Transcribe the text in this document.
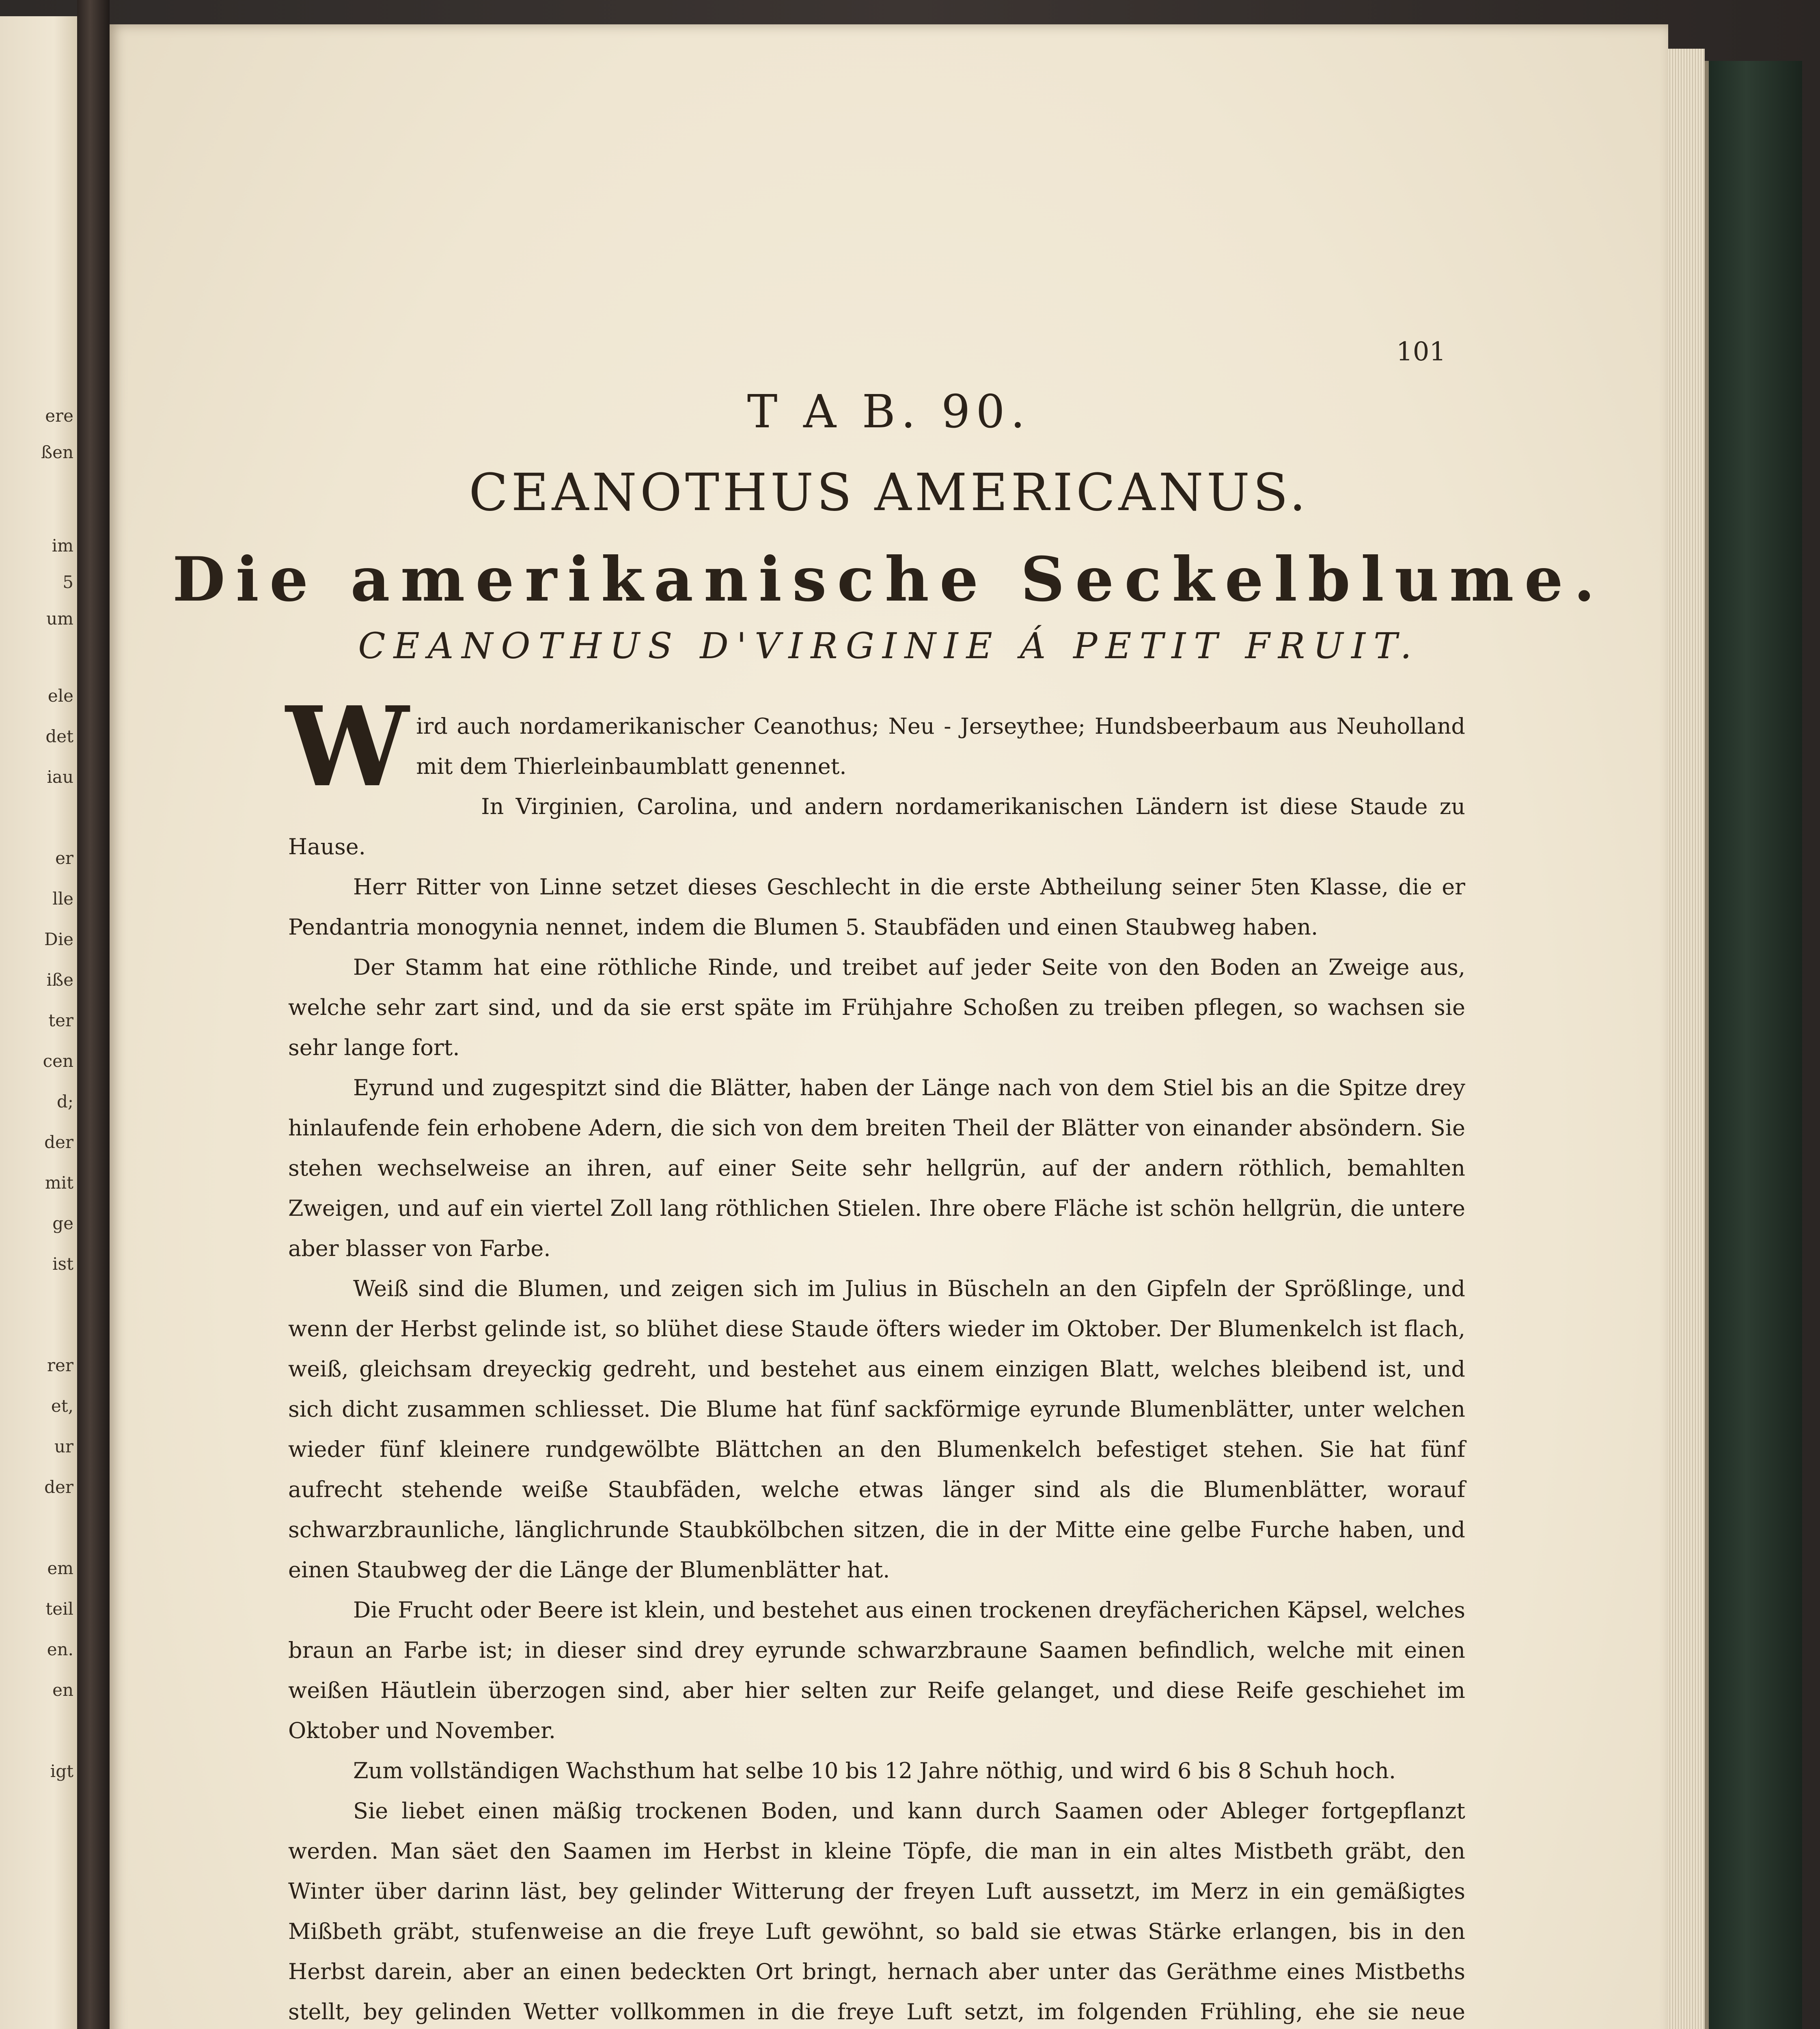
ere
ßen
im
5
um
ele
det
iau
er
lle
Die
iße
ter
cen
d;
der
mit
ge
ist
rer
et,
ur
der
em
teil
en.
en
igt
101
T A B. 90.
CEANOTHUS AMERICANUS.
Die amerikanische Seckelblume.
CEANOTHUS D'VIRGINIE Á PETIT FRUIT.

Wird auch nordamerikanischer Ceanothus; Neu - Jerseythee; Hundsbeerbaum aus Neuholland mit dem Thierleinbaumblatt genennet.

In Virginien, Carolina, und andern nordamerikanischen Ländern ist diese Staude zu Hause.

Herr Ritter von Linne setzet dieses Geschlecht in die erste Abtheilung seiner 5ten Klasse, die er Pendantria monogynia nennet, indem die Blumen 5. Staubfäden und einen Staubweg haben.

Der Stamm hat eine röthliche Rinde, und treibet auf jeder Seite von den Boden an Zweige aus, welche sehr zart sind, und da sie erst späte im Frühjahre Schoßen zu treiben pflegen, so wachsen sie sehr lange fort.

Eyrund und zugespitzt sind die Blätter, haben der Länge nach von dem Stiel bis an die Spitze drey hinlaufende fein erhobene Adern, die sich von dem breiten Theil der Blätter von einander absöndern. Sie stehen wechselweise an ihren, auf einer Seite sehr hellgrün, auf der andern röthlich, bemahlten Zweigen, und auf ein viertel Zoll lang röthlichen Stielen. Ihre obere Fläche ist schön hellgrün, die untere aber blasser von Farbe.

Weiß sind die Blumen, und zeigen sich im Julius in Büscheln an den Gipfeln der Sprößlinge, und wenn der Herbst gelinde ist, so blühet diese Staude öfters wieder im Oktober. Der Blumenkelch ist flach, weiß, gleichsam dreyeckig gedreht, und bestehet aus einem einzigen Blatt, welches bleibend ist, und sich dicht zusammen schliesset. Die Blume hat fünf sackförmige eyrunde Blumenblätter, unter welchen wieder fünf kleinere rundgewölbte Blättchen an den Blumenkelch befestiget stehen. Sie hat fünf aufrecht stehende weiße Staubfäden, welche etwas länger sind als die Blumenblätter, worauf schwarzbraunliche, länglichrunde Staubkölbchen sitzen, die in der Mitte eine gelbe Furche haben, und einen Staubweg der die Länge der Blumenblätter hat.

Die Frucht oder Beere ist klein, und bestehet aus einen trockenen dreyfächerichen Käpsel, welches braun an Farbe ist; in dieser sind drey eyrunde schwarzbraune Saamen befindlich, welche mit einen weißen Häutlein überzogen sind, aber hier selten zur Reife gelanget, und diese Reife geschiehet im Oktober und November.

Zum vollständigen Wachsthum hat selbe 10 bis 12 Jahre nöthig, und wird 6 bis 8 Schuh hoch.

Sie liebet einen mäßig trockenen Boden, und kann durch Saamen oder Ableger fortgepflanzt werden. Man säet den Saamen im Herbst in kleine Töpfe, die man in ein altes Mistbeth gräbt, den Winter über darinn läst, bey gelinder Witterung der freyen Luft aussetzt, im Merz in ein gemäßigtes Mißbeth gräbt, stufenweise an die freye Luft gewöhnt, so bald sie etwas Stärke erlangen, bis in den Herbst darein, aber an einen bedeckten Ort bringt, hernach aber unter das Geräthme eines Mistbeths stellt, bey gelinden Wetter vollkommen in die freye Luft setzt, im folgenden Frühling, ehe sie neue
